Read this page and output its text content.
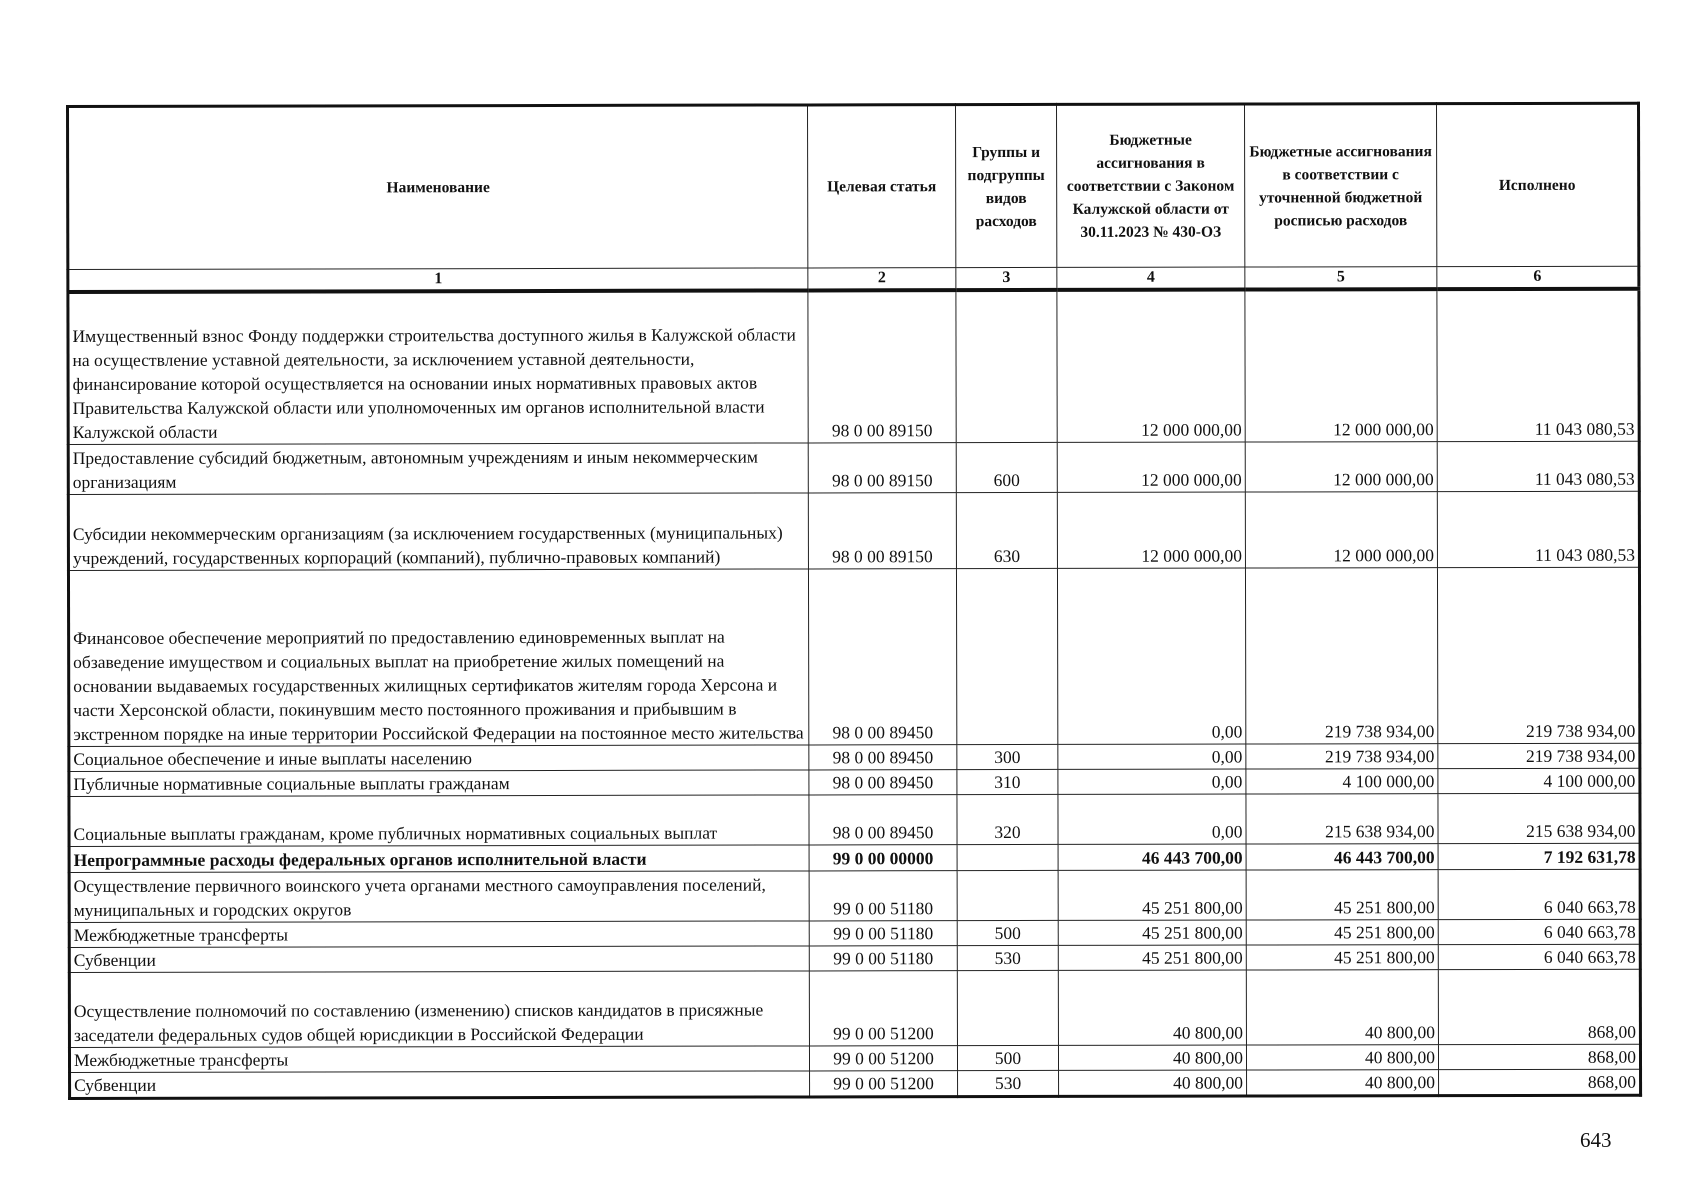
Наименование	Целевая статья	Группы и подгруппы видов расходов	Бюджетные ассигнования в соответствии с Законом Калужской области от 30.11.2023 № 430-ОЗ	Бюджетные ассигнования в соответствии с уточненной бюджетной росписью расходов	Исполнено
1	2	3	4	5	6
Имущественный взнос Фонду поддержки строительства доступного жилья в Калужской области на осуществление уставной деятельности, за исключением уставной деятельности, финансирование которой осуществляется на основании иных нормативных правовых актов Правительства Калужской области или уполномоченных им органов исполнительной власти Калужской области	98 0 00 89150		12 000 000,00	12 000 000,00	11 043 080,53
Предоставление субсидий бюджетным, автономным учреждениям и иным некоммерческим организациям	98 0 00 89150	600	12 000 000,00	12 000 000,00	11 043 080,53
Субсидии некоммерческим организациям (за исключением государственных (муниципальных) учреждений, государственных корпораций (компаний), публично-правовых компаний)	98 0 00 89150	630	12 000 000,00	12 000 000,00	11 043 080,53
Финансовое обеспечение мероприятий по предоставлению единовременных выплат на обзаведение имуществом и социальных выплат на приобретение жилых помещений на основании выдаваемых государственных жилищных сертификатов жителям города Херсона и части Херсонской области, покинувшим место постоянного проживания и прибывшим в экстренном порядке на иные территории Российской Федерации на постоянное место жительства	98 0 00 89450		0,00	219 738 934,00	219 738 934,00
Социальное обеспечение и иные выплаты населению	98 0 00 89450	300	0,00	219 738 934,00	219 738 934,00
Публичные нормативные социальные выплаты гражданам	98 0 00 89450	310	0,00	4 100 000,00	4 100 000,00
Социальные выплаты гражданам, кроме публичных нормативных социальных выплат	98 0 00 89450	320	0,00	215 638 934,00	215 638 934,00
Непрограммные расходы федеральных органов исполнительной власти	99 0 00 00000		46 443 700,00	46 443 700,00	7 192 631,78
Осуществление первичного воинского учета органами местного самоуправления поселений, муниципальных и городских округов	99 0 00 51180		45 251 800,00	45 251 800,00	6 040 663,78
Межбюджетные трансферты	99 0 00 51180	500	45 251 800,00	45 251 800,00	6 040 663,78
Субвенции	99 0 00 51180	530	45 251 800,00	45 251 800,00	6 040 663,78
Осуществление полномочий по составлению (изменению) списков кандидатов в присяжные заседатели федеральных судов общей юрисдикции в Российской Федерации	99 0 00 51200		40 800,00	40 800,00	868,00
Межбюджетные трансферты	99 0 00 51200	500	40 800,00	40 800,00	868,00
Субвенции	99 0 00 51200	530	40 800,00	40 800,00	868,00
643
